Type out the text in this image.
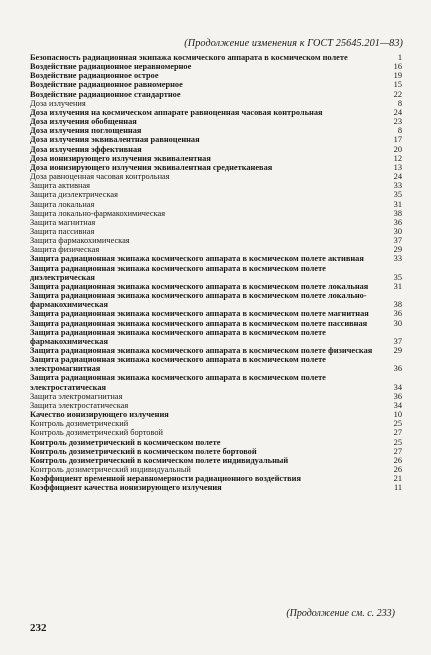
(Продолжение изменения к ГОСТ 25645.201—83)
Безопасность радиационная экипажа космического аппарата в космическом полете	1
Воздействие радиационное неравномерное	16
Воздействие радиационное острое	19
Воздействие радиационное равномерное	15
Воздействие радиационное стандартное	22
Доза излучения	8
Доза излучения на космическом аппарате равноценная часовая контрольная	24
Доза излучения обобщенная	23
Доза излучения поглощенная	8
Доза излучения эквивалентная равноценная	17
Доза излучения эффективная	20
Доза ионизирующего излучения эквивалентная	12
Доза ионизирующего излучения эквивалентная среднетканевая	13
Доза равноценная часовая контрольная	24
Защита активная	33
Защита диэлектрическая	35
Защита локальная	31
Защита локально-фармакохимическая	38
Защита магнитная	36
Защита пассивная	30
Защита фармакохимическая	37
Защита физическая	29
Защита радиационная экипажа космического аппарата в космическом полете активная	33
Защита радиационная экипажа космического аппарата в космическом полете диэлектрическая	35
Защита радиационная экипажа космического аппарата в космическом полете локальная	31
Защита радиационная экипажа космического аппарата в космическом полете локально-фармакохимическая	38
Защита радиационная экипажа космического аппарата в космическом полете магнитная	36
Защита радиационная экипажа космического аппарата в космическом полете пассивная	30
Защита радиационная экипажа космического аппарата в космическом полете фармакохимическая	37
Защита радиационная экипажа космического аппарата в космическом полете физическая	29
Защита радиационная экипажа космического аппарата в космическом полете электромагнитная	36
Защита радиационная экипажа космического аппарата в космическом полете электростатическая	34
Защита электромагнитная	36
Защита электростатическая	34
Качество ионизирующего излучения	10
Контроль дозиметрический	25
Контроль дозиметрический бортовой	27
Контроль дозиметрический в космическом полете	25
Контроль дозиметрический в космическом полете бортовой	27
Контроль дозиметрический в космическом полете индивидуальный	26
Контроль дозиметрический индивидуальный	26
Коэффициент временной неравномерности радиационного воздействия	21
Коэффициент качества ионизирующего излучения	11
(Продолжение см. с. 233)
232
